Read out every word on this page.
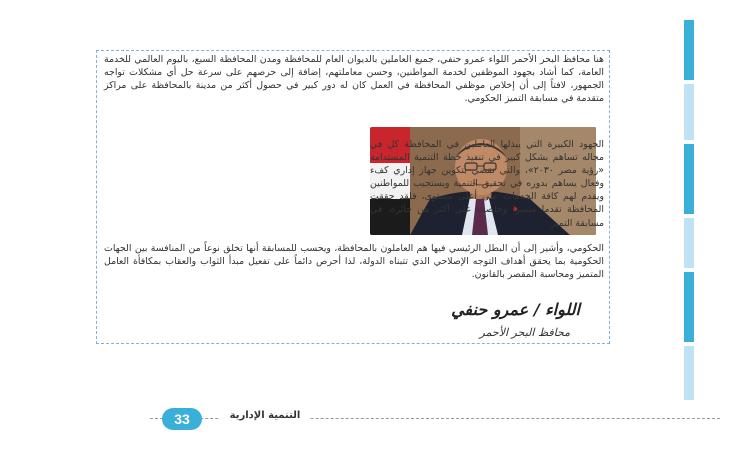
هنا محافظ البحر الأحمر اللواء عمرو حنفي، جميع العاملين بالديوان العام للمحافظة ومدن المحافظة السبع، باليوم العالمي للخدمة العامة، كما أشاد بجهود الموظفين لخدمة المواطنين، وحسن معاملتهم، إضافة إلى حرصهم على سرعة حل أي مشكلات تواجه الجمهور، لافتاً إلى أن إخلاص موظفي المحافظة في العمل كان له دور كبير في حصول أكثر من مدينة بالمحافظة على مراكز متقدمة في مسابقة التميز الحكومي.

الجهود الكبيرة التي يبذلها العاملين في المحافظة كل في مجاله تساهم بشكل كبير في تنفيذ خطة التنمية المستدامة «رؤية مصر ٢٠٣٠»، والتي تقضي بتكوين جهاز إداري كفء وفعال يساهم بدوره في تحقيق التنمية ويستجيب للمواطنين ويقدم لهم كافة الخدمات على أعلى مستوى، فلقد حققت المحافظة تقدما متميزا وحلصت على أكثر من جائزة، في مسابقة التميز

الحكومي، وأشير إلى أن البطل الرئيسي فيها هم العاملون بالمحافظة، ويحسب للمسابقة أنها تخلق نوعاً من المنافسة بين الجهات الحكومية بما يحقق أهداف التوجه الإصلاحي الذي تتبناه الدولة، لذا أحرص دائماً على تفعيل مبدأ الثواب والعقاب بمكافأة العامل المتميز ومحاسبة المقصر بالقانون.

اللواء / عمرو حنفي
محافظ البحر الأحمر
33	التنمية الإدارية
